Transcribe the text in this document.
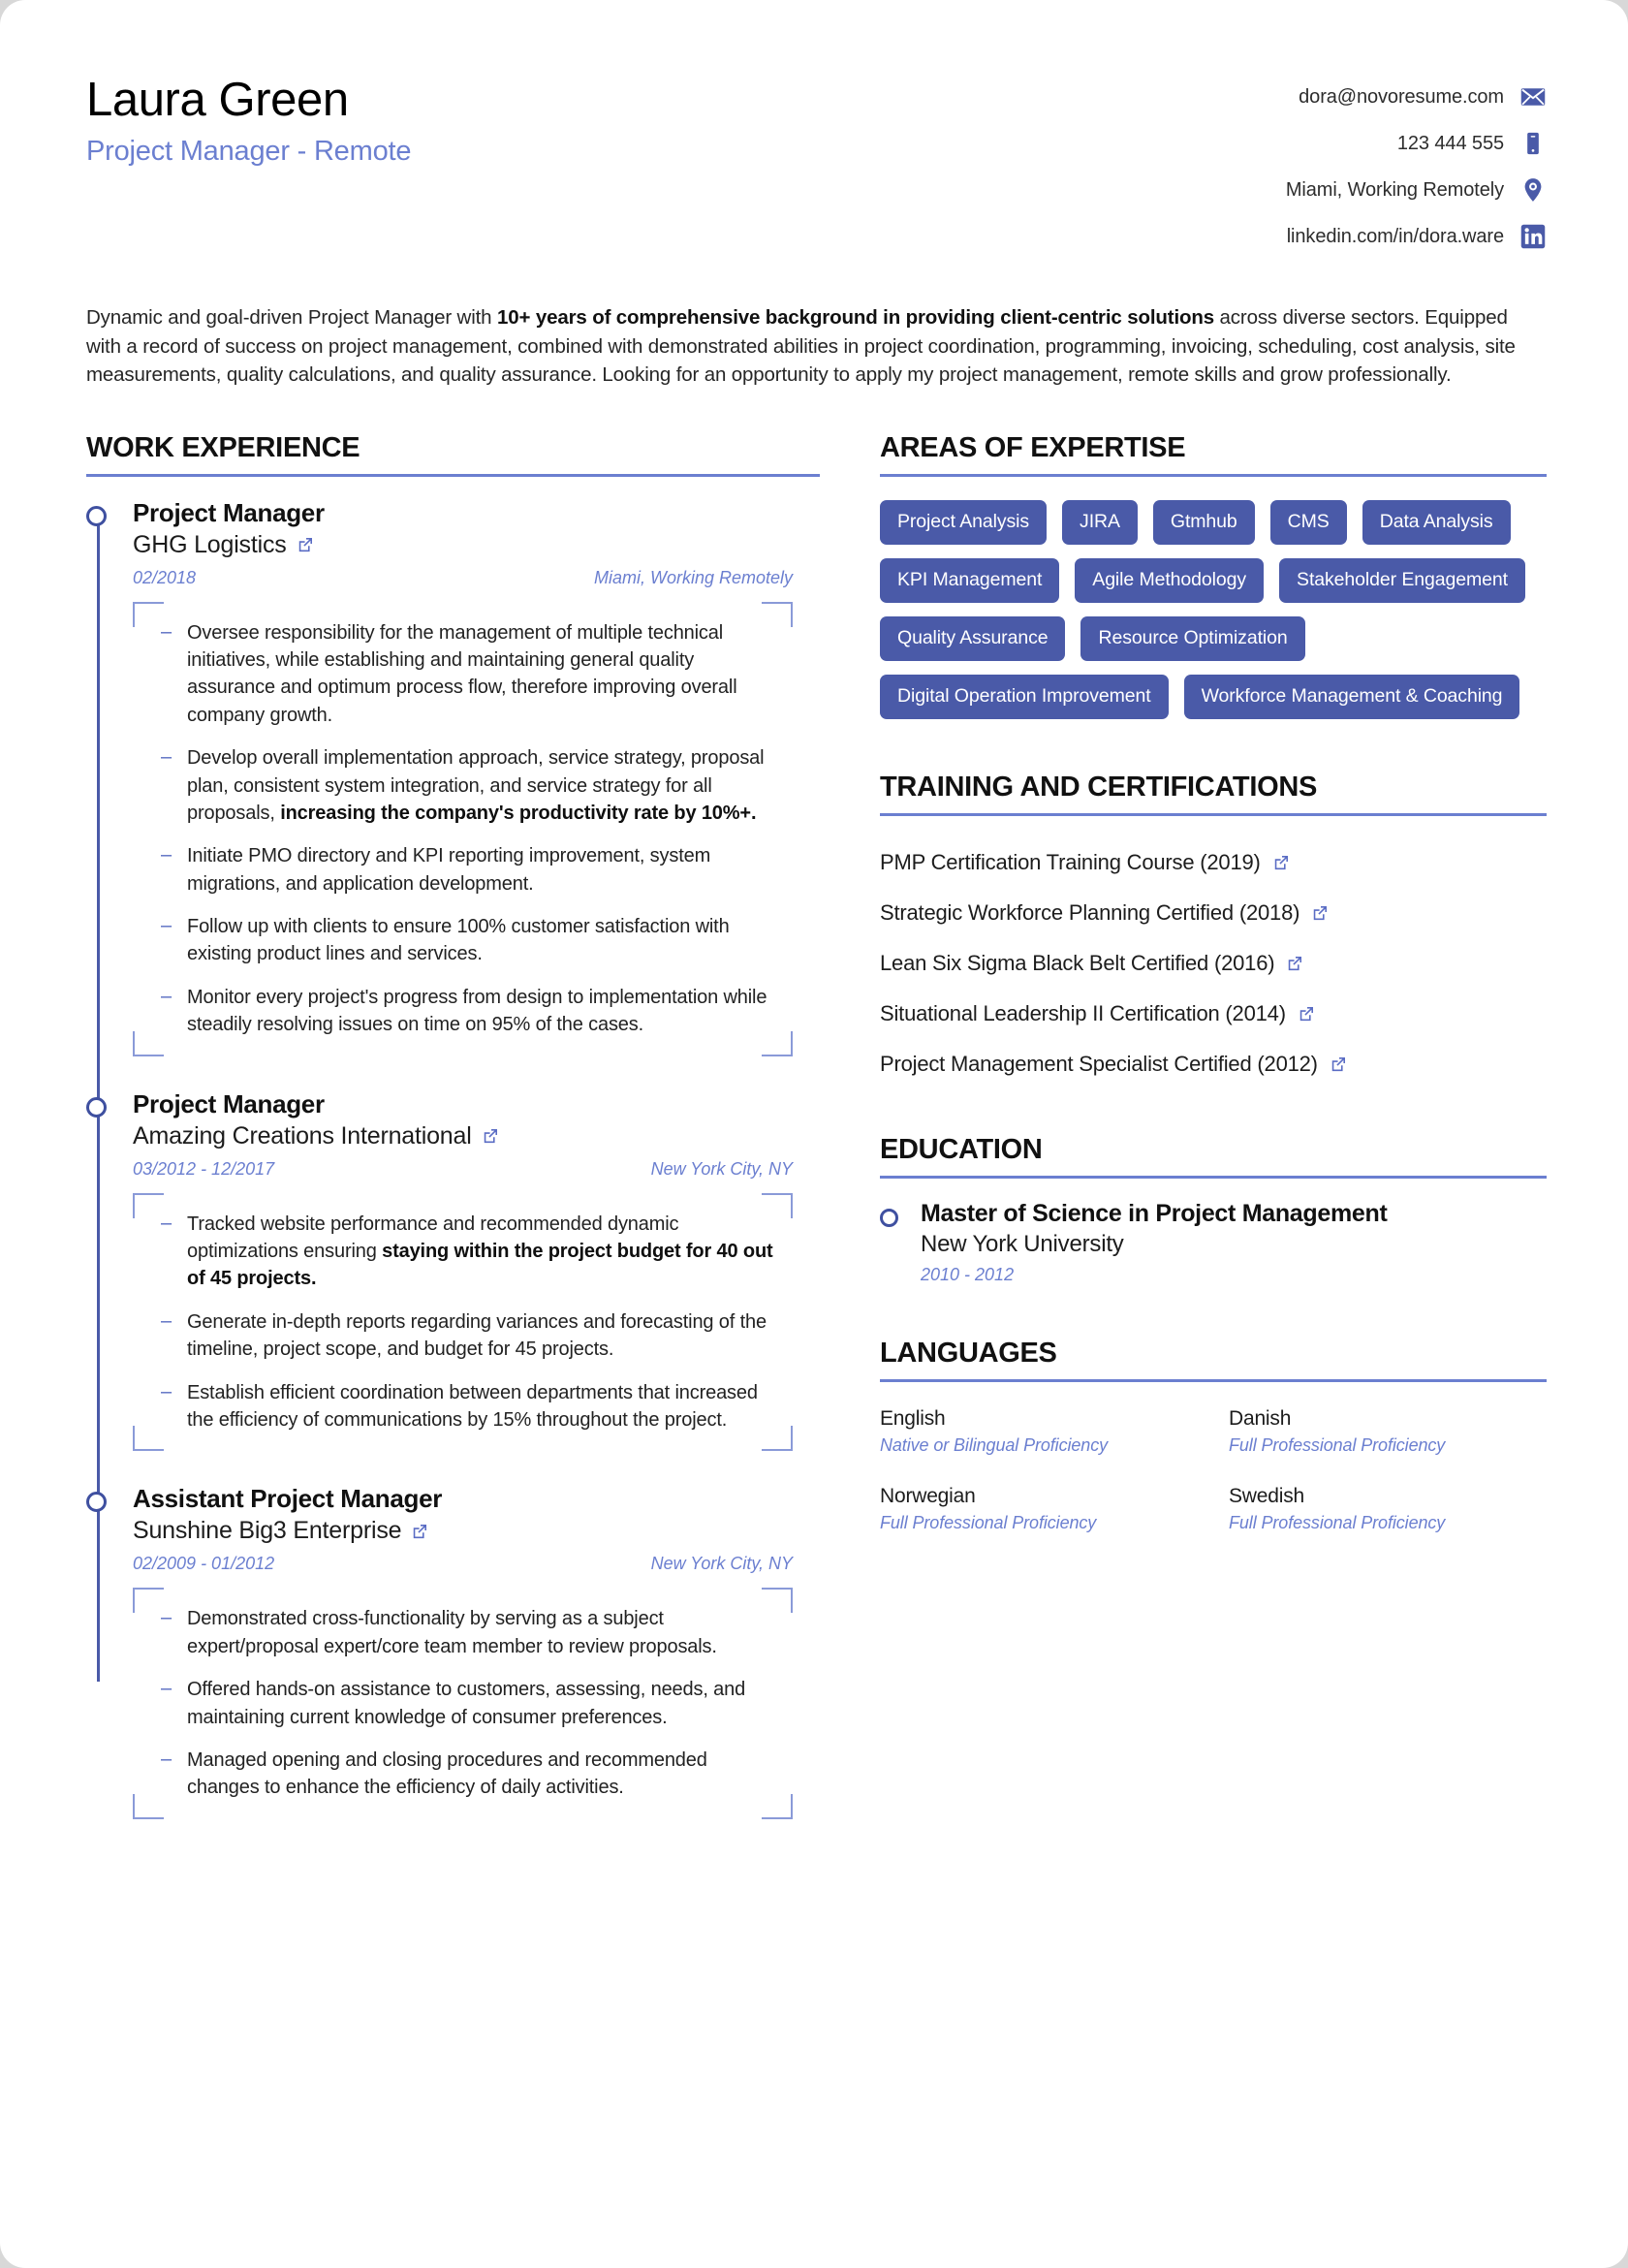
Laura Green
Project Manager - Remote
dora@novoresume.com
123 444 555
Miami, Working Remotely
linkedin.com/in/dora.ware

Dynamic and goal-driven Project Manager with 10+ years of comprehensive background in providing client-centric solutions across diverse sectors. Equipped with a record of success on project management, combined with demonstrated abilities in project coordination, programming, invoicing, scheduling, cost analysis, site measurements, quality calculations, and quality assurance. Looking for an opportunity to apply my project management, remote skills and grow professionally.

WORK EXPERIENCE
Project Manager
GHG Logistics
02/2018	Miami, Working Remotely
– Oversee responsibility for the management of multiple technical initiatives, while establishing and maintaining general quality assurance and optimum process flow, therefore improving overall company growth.
– Develop overall implementation approach, service strategy, proposal plan, consistent system integration, and service strategy for all proposals, increasing the company's productivity rate by 10%+.
– Initiate PMO directory and KPI reporting improvement, system migrations, and application development.
– Follow up with clients to ensure 100% customer satisfaction with existing product lines and services.
– Monitor every project's progress from design to implementation while steadily resolving issues on time on 95% of the cases.
Project Manager
Amazing Creations International
03/2012 - 12/2017	New York City, NY
– Tracked website performance and recommended dynamic optimizations ensuring staying within the project budget for 40 out of 45 projects.
– Generate in-depth reports regarding variances and forecasting of the timeline, project scope, and budget for 45 projects.
– Establish efficient coordination between departments that increased the efficiency of communications by 15% throughout the project.
Assistant Project Manager
Sunshine Big3 Enterprise
02/2009 - 01/2012	New York City, NY
– Demonstrated cross-functionality by serving as a subject expert/proposal expert/core team member to review proposals.
– Offered hands-on assistance to customers, assessing, needs, and maintaining current knowledge of consumer preferences.
– Managed opening and closing procedures and recommended changes to enhance the efficiency of daily activities.
AREAS OF EXPERTISE
Project Analysis	JIRA	Gtmhub	CMS	Data Analysis
KPI Management	Agile Methodology	Stakeholder Engagement
Quality Assurance	Resource Optimization
Digital Operation Improvement	Workforce Management & Coaching
TRAINING AND CERTIFICATIONS
PMP Certification Training Course (2019)
Strategic Workforce Planning Certified (2018)
Lean Six Sigma Black Belt Certified (2016)
Situational Leadership II Certification (2014)
Project Management Specialist Certified (2012)
EDUCATION
Master of Science in Project Management
New York University
2010 - 2012
LANGUAGES
English
Native or Bilingual Proficiency
Danish
Full Professional Proficiency
Norwegian
Full Professional Proficiency
Swedish
Full Professional Proficiency
